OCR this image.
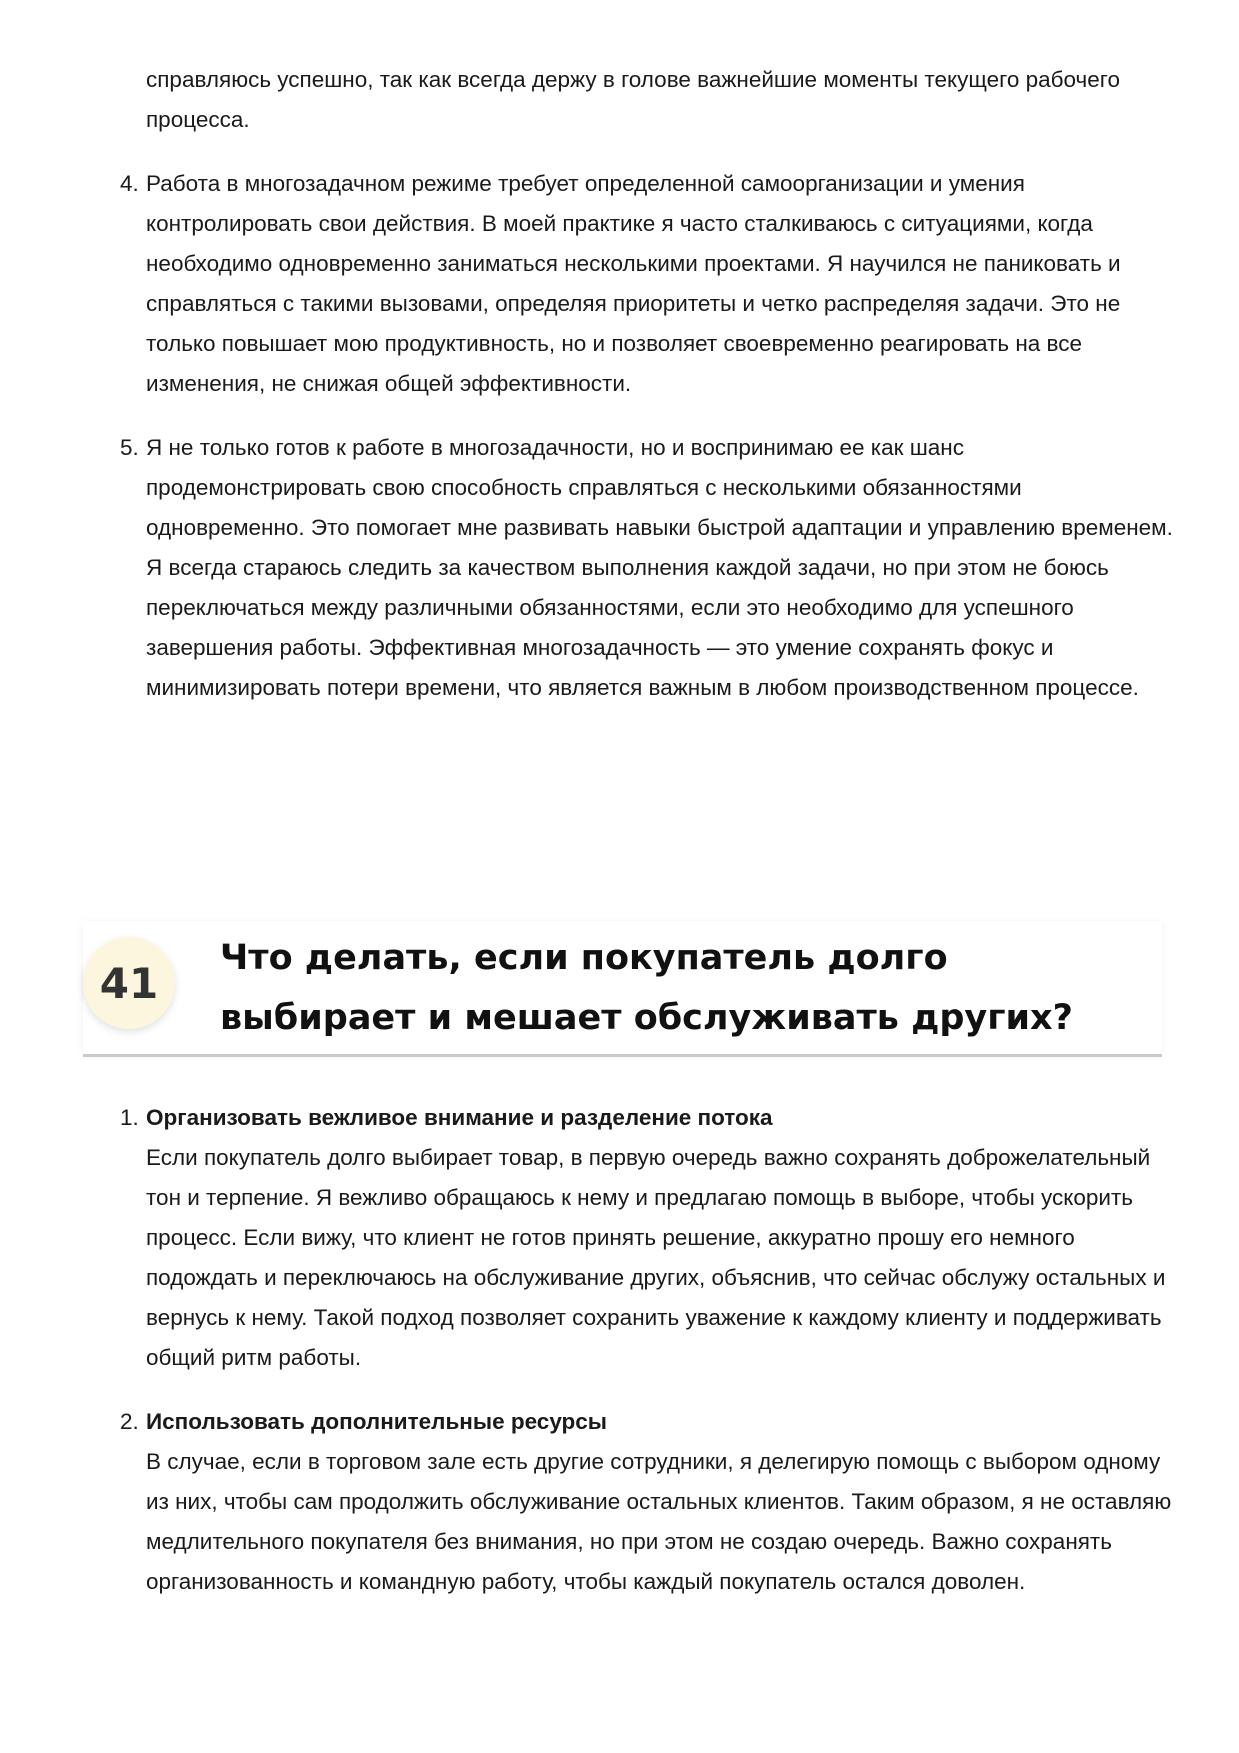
справляюсь успешно, так как всегда держу в голове важнейшие моменты текущего рабочего процесса.
4. Работа в многозадачном режиме требует определенной самоорганизации и умения контролировать свои действия. В моей практике я часто сталкиваюсь с ситуациями, когда необходимо одновременно заниматься несколькими проектами. Я научился не паниковать и справляться с такими вызовами, определяя приоритеты и четко распределяя задачи. Это не только повышает мою продуктивность, но и позволяет своевременно реагировать на все изменения, не снижая общей эффективности.
5. Я не только готов к работе в многозадачности, но и воспринимаю ее как шанс продемонстрировать свою способность справляться с несколькими обязанностями одновременно. Это помогает мне развивать навыки быстрой адаптации и управлению временем. Я всегда стараюсь следить за качеством выполнения каждой задачи, но при этом не боюсь переключаться между различными обязанностями, если это необходимо для успешного завершения работы. Эффективная многозадачность — это умение сохранять фокус и минимизировать потери времени, что является важным в любом производственном процессе.
41
Что делать, если покупатель долго выбирает и мешает обслуживать других?
1. Организовать вежливое внимание и разделение потока
Если покупатель долго выбирает товар, в первую очередь важно сохранять доброжелательный тон и терпение. Я вежливо обращаюсь к нему и предлагаю помощь в выборе, чтобы ускорить процесс. Если вижу, что клиент не готов принять решение, аккуратно прошу его немного подождать и переключаюсь на обслуживание других, объяснив, что сейчас обслужу остальных и вернусь к нему. Такой подход позволяет сохранить уважение к каждому клиенту и поддерживать общий ритм работы.
2. Использовать дополнительные ресурсы
В случае, если в торговом зале есть другие сотрудники, я делегирую помощь с выбором одному из них, чтобы сам продолжить обслуживание остальных клиентов. Таким образом, я не оставляю медлительного покупателя без внимания, но при этом не создаю очередь. Важно сохранять организованность и командную работу, чтобы каждый покупатель остался доволен.
